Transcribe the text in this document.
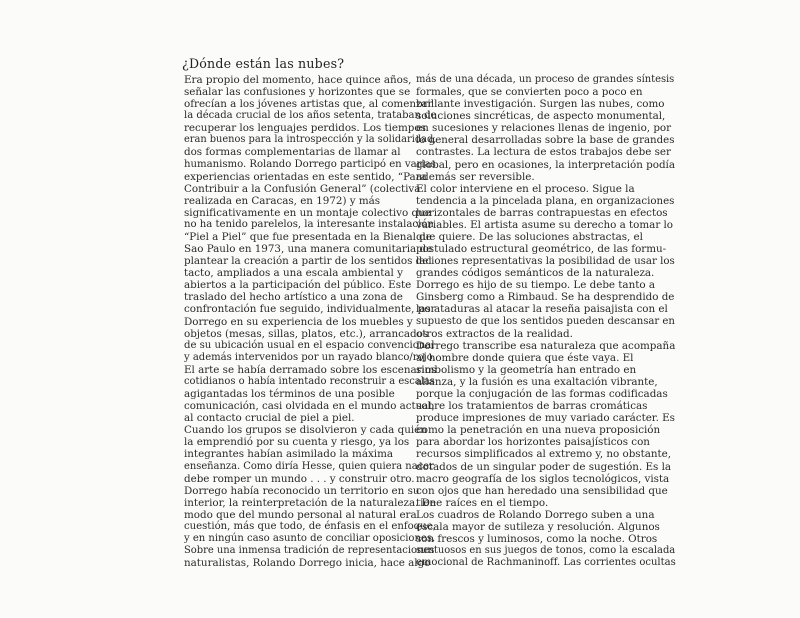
¿Dónde están las nubes?
Era propio del momento, hace quince años,
señalar las confusiones y horizontes que se
ofrecían a los jóvenes artistas que, al comenzar
la década crucial de los años setenta, trataban de
recuperar los lenguajes perdidos. Los tiempos
eran buenos para la introspección y la solidaridad,
dos formas complementarias de llamar al
humanismo. Rolando Dorrego participó en varias
experiencias orientadas en este sentido, “Para
Contribuir a la Confusión General” (colectiva
realizada en Caracas, en 1972) y más
significativamente en un montaje colectivo que
no ha tenido parelelos, la interesante instalación
“Piel a Piel” que fue presentada en la Bienal de
Sao Paulo en 1973, una manera comunitaria de
plantear la creación a partir de los sentidos del
tacto, ampliados a una escala ambiental y
abiertos a la participación del público. Este
traslado del hecho artístico a una zona de
confrontación fue seguido, individualmente, por
Dorrego en su experiencia de los muebles y
objetos (mesas, sillas, platos, etc.), arrancados
de su ubicación usual en el espacio convencional
y además intervenidos por un rayado blanco/rojo.
El arte se había derramado sobre los escenarios
cotidianos o había intentado reconstruir a escalas
agigantadas los términos de una posible
comunicación, casi olvidada en el mundo actual,
al contacto crucial de piel a piel.
Cuando los grupos se disolvieron y cada quién
la emprendió por su cuenta y riesgo, ya los
integrantes habían asimilado la máxima
enseñanza. Como diría Hesse, quien quiera nacer
debe romper un mundo . . . y construir otro.
Dorrego había reconocido un territorio en su
interior, la reinterpretación de la naturaleza. De
modo que del mundo personal al natural era
cuestión, más que todo, de énfasis en el enfoque,
y en ningún caso asunto de conciliar oposiciones.
Sobre una inmensa tradición de representaciones
naturalistas, Rolando Dorrego inicia, hace algo
más de una década, un proceso de grandes síntesis
formales, que se convierten poco a poco en
brillante investigación. Surgen las nubes, como
soluciones sincréticas, de aspecto monumental,
en sucesiones y relaciones llenas de ingenio, por
lo general desarrolladas sobre la base de grandes
contrastes. La lectura de estos trabajos debe ser
global, pero en ocasiones, la interpretación podía
además ser reversible.
El color interviene en el proceso. Sigue la
tendencia a la pincelada plana, en organizaciones
horizontales de barras contrapuestas en efectos
variables. El artista asume su derecho a tomar lo
que quiere. De las soluciones abstractas, el
postulado estructural geométrico, de las formu-
laciones representativas la posibilidad de usar los
grandes códigos semánticos de la naturaleza.
Dorrego es hijo de su tiempo. Le debe tanto a
Ginsberg como a Rimbaud. Se ha desprendido de
las ataduras al atacar la reseña paisajista con el
supuesto de que los sentidos pueden descansar en
otros extractos de la realidad.
Dorrego transcribe esa naturaleza que acompaña
al hombre donde quiera que éste vaya. El
simbolismo y la geometría han entrado en
alianza, y la fusión es una exaltación vibrante,
porque la conjugación de las formas codificadas
sobre los tratamientos de barras cromáticas
produce impresiones de muy variado carácter. Es
como la penetración en una nueva proposición
para abordar los horizontes paisajísticos con
recursos simplificados al extremo y, no obstante,
dotados de un singular poder de sugestión. Es la
macro geografía de los siglos tecnológicos, vista
con ojos que han heredado una sensibilidad que
tiene raíces en el tiempo.
Los cuadros de Rolando Dorrego suben a una
escala mayor de sutileza y resolución. Algunos
son frescos y luminosos, como la noche. Otros
suntuosos en sus juegos de tonos, como la escalada
emocional de Rachmaninoff. Las corrientes ocultas
